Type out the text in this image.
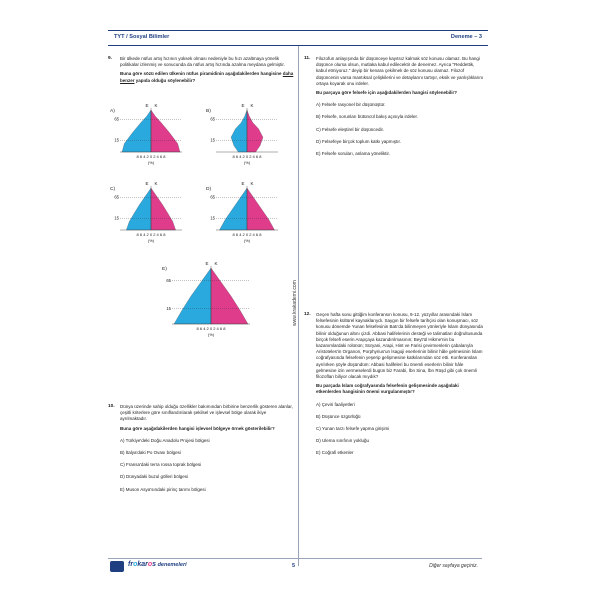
TYT / Sosyal Bilimler	Deneme – 3
www.krakademi.com
9. Bir ülkede nüfus artış hızının yüksek olması nedeniyle bu hızı azaltmaya yönelik politikalar izlenmiş ve sonucunda da nüfus artış hızında azalma meydana gelmiştir.

Buna göre sözü edilen ülkenin nüfus piramidinin aşağıdakilerden hangisine daha benzer yapıda olduğu söylenebilir?

A)
65
15
E K
8 6 4 2 0 2 4 6 8
(%)
B)
65
15
E K
8 6 4 2 0 2 4 6 8
(%)
C)
65
15
E K
8 6 4 2 0 2 4 6 8
(%)
D)
65
15
E K
8 6 4 2 0 2 4 6 8
(%)
E)
65
15
E K
8 6 4 2 0 2 4 6 8
(%)
10. Dünya üzerinde sahip olduğu özellikler bakımından birbirine benzerlik gösteren alanlar, çeşitli kriterlere göre sınıflandırılarak şekilsel ve işlevsel bölge olarak ikiye ayrılmaktadır.

Buna göre aşağıdakilerden hangisi işlevsel bölgeye örnek gösterilebilir?

A) Türkiye'deki Doğu Anadolu Projesi bölgesi
B) İtalya'daki Po Ovası bölgesi
C) Fransa'daki terra rossa toprak bölgesi
D) Dünyadaki buzul gölleri bölgesi
E) Muson Asya'sındaki pirinç tarımı bölgesi
11. Filozofun anlayışında bir düşünceye kayıtsız kalmak söz konusu olamaz. Bu hangi düşünce olursa olsun, mutlaka kabul edilecektir de denemez. Ayrıca "Reddettik, kabul etmiyoruz." deyip bir kenara çekilmek de söz konusu olamaz. Filozof düşüncenin varsa mantıksal çelişkilerini ve detaylarını tartışır, eksik ve yanlışlıklarını ortaya koyarak onu irdeler.

Bu parçaya göre felsefe için aşağıdakilerden hangisi söylenebilir?

A) Felsefe rasyonel bir düşünüştür.
B) Felsefe, sorunları bütüncül bakış açısıyla irdeler.
C) Felsefe eleştirel bir düşüncedir.
D) Felsefeye birçok toplum katkı yapmıştır.
E) Felsefe soruları, anlama yöneliktir.
12. Geçen hafta sonu gittiğim konferansın konusu, 9-12. yüzyıllar arasındaki İslam felsefesinin kültürel kaynaklarıydı. Saygın bir felsefe tarihçisi olan konuşmacı, söz konusu dönemde Yunan felsefesinin Batı'da bilinmeyen yönleriyle İslam dünyasında bilinir olduğunun altını çizdi. Abbasi halifelerinin desteği ve talimatları doğrultusunda birçok felsefi eserin Arapçaya kazandırılmasının; Beyt'ül Hikme'nin bu kazanımlardaki rolünün; Süryani, Arapi, Hint ve Farisi çevirmenlerin çabalarıyla Aristoteles'in Organon, Porphyrius'un İsagoji eserlerinin bilinir hâle gelmesinin İslam coğrafyasında felsefenin yeşerip gelişmesine katkılarından söz etti. Konferansları ayrılırken şöyle düşündüm: Abbasi halifeleri bu önemli eserlerin bilinir hâle gelmesine izin vermeselerdi bugün biz Farabi, İbn Sina, İbn Rüşd gibi çok önemli filozofları biliyor olacak mıydık?

Bu parçada İslam coğrafyasında felsefenin gelişmesinde aşağıdaki etkenlerden hangisinin önemi vurgulanmıştır?

A) Çeviri faaliyetleri
B) Düşünce özgürlüğü
C) Yunan tarzı felsefe yapma girişimi
D) Ulema sınıfının yokluğu
E) Coğrafi etkenler
frokaros denemeleri	5	Diğer sayfaya geçiniz.
